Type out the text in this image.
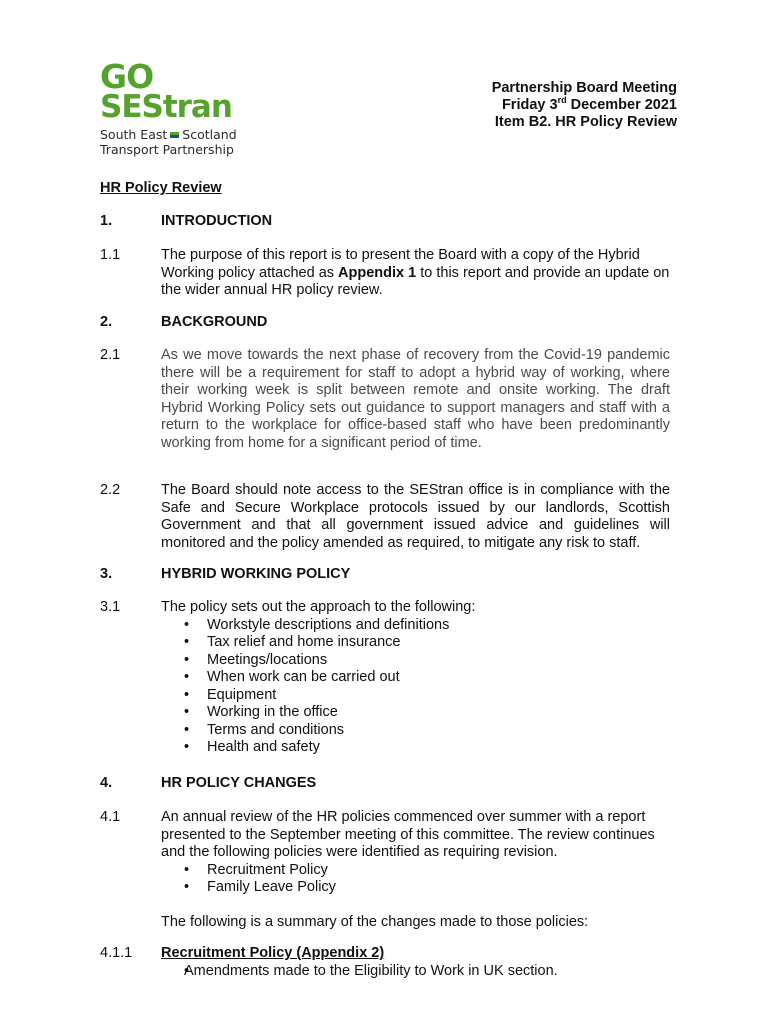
GO
SEStran
South East Scotland
Transport Partnership
Partnership Board Meeting
Friday 3rd December 2021
Item B2. HR Policy Review
HR Policy Review
1.	INTRODUCTION
1.1	The purpose of this report is to present the Board with a copy of the Hybrid Working policy attached as Appendix 1 to this report and provide an update on the wider annual HR policy review.
2.	BACKGROUND
2.1	As we move towards the next phase of recovery from the Covid-19 pandemic there will be a requirement for staff to adopt a hybrid way of working, where their working week is split between remote and onsite working. The draft Hybrid Working Policy sets out guidance to support managers and staff with a return to the workplace for office-based staff who have been predominantly working from home for a significant period of time.
2.2	The Board should note access to the SEStran office is in compliance with the Safe and Secure Workplace protocols issued by our landlords, Scottish Government and that all government issued advice and guidelines will monitored and the policy amended as required, to mitigate any risk to staff.
3.	HYBRID WORKING POLICY
3.1	The policy sets out the approach to the following:
• Workstyle descriptions and definitions
• Tax relief and home insurance
• Meetings/locations
• When work can be carried out
• Equipment
• Working in the office
• Terms and conditions
• Health and safety
4.	HR POLICY CHANGES
4.1	An annual review of the HR policies commenced over summer with a report presented to the September meeting of this committee. The review continues and the following policies were identified as requiring revision.
• Recruitment Policy
• Family Leave Policy
The following is a summary of the changes made to those policies:
4.1.1 Recruitment Policy (Appendix 2)
• Amendments made to the Eligibility to Work in UK section.
